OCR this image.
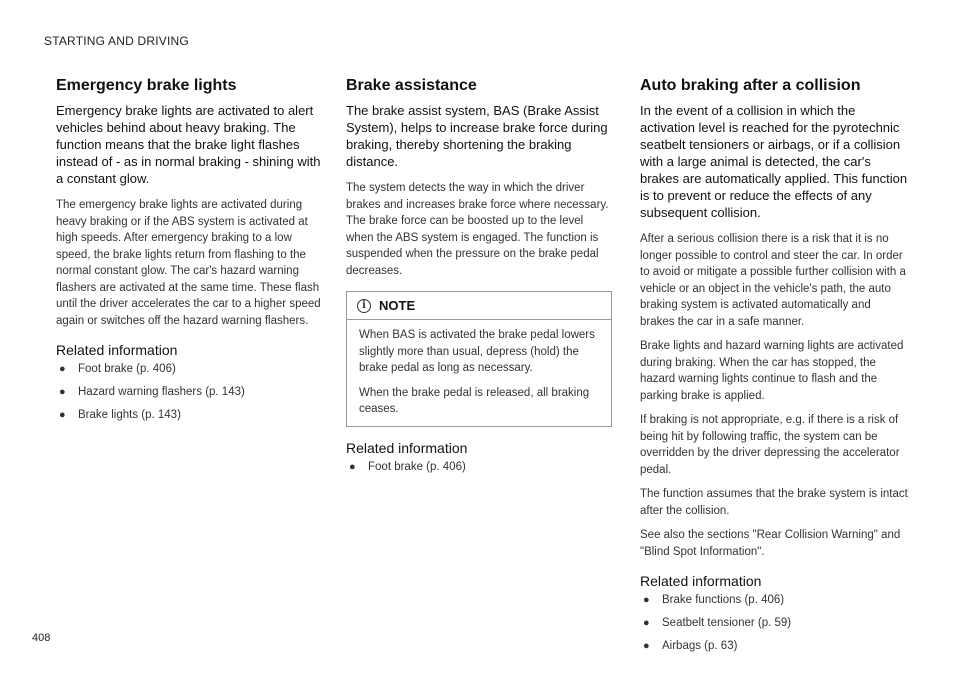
STARTING AND DRIVING
Emergency brake lights

Emergency brake lights are activated to alert vehicles behind about heavy braking. The function means that the brake light flashes instead of - as in normal braking - shining with a constant glow.

The emergency brake lights are activated during heavy braking or if the ABS system is activated at high speeds. After emergency braking to a low speed, the brake lights return from flashing to the normal constant glow. The car's hazard warning flashers are activated at the same time. These flash until the driver accelerates the car to a higher speed again or switches off the hazard warning flashers.

Related information
● Foot brake (p. 406)
● Hazard warning flashers (p. 143)
● Brake lights (p. 143)
Brake assistance

The brake assist system, BAS (Brake Assist System), helps to increase brake force during braking, thereby shortening the braking distance.

The system detects the way in which the driver brakes and increases brake force where necessary. The brake force can be boosted up to the level when the ABS system is engaged. The function is suspended when the pressure on the brake pedal decreases.

i	NOTE

When BAS is activated the brake pedal lowers slightly more than usual, depress (hold) the brake pedal as long as necessary.

When the brake pedal is released, all braking ceases.

Related information
● Foot brake (p. 406)
Auto braking after a collision

In the event of a collision in which the activation level is reached for the pyrotechnic seatbelt tensioners or airbags, or if a collision with a large animal is detected, the car's brakes are automatically applied. This function is to prevent or reduce the effects of any subsequent collision.

After a serious collision there is a risk that it is no longer possible to control and steer the car. In order to avoid or mitigate a possible further collision with a vehicle or an object in the vehicle's path, the auto braking system is activated automatically and brakes the car in a safe manner.

Brake lights and hazard warning lights are activated during braking. When the car has stopped, the hazard warning lights continue to flash and the parking brake is applied.

If braking is not appropriate, e.g. if there is a risk of being hit by following traffic, the system can be overridden by the driver depressing the accelerator pedal.

The function assumes that the brake system is intact after the collision.

See also the sections "Rear Collision Warning" and "Blind Spot Information".

Related information
● Brake functions (p. 406)
● Seatbelt tensioner (p. 59)
● Airbags (p. 63)
408
